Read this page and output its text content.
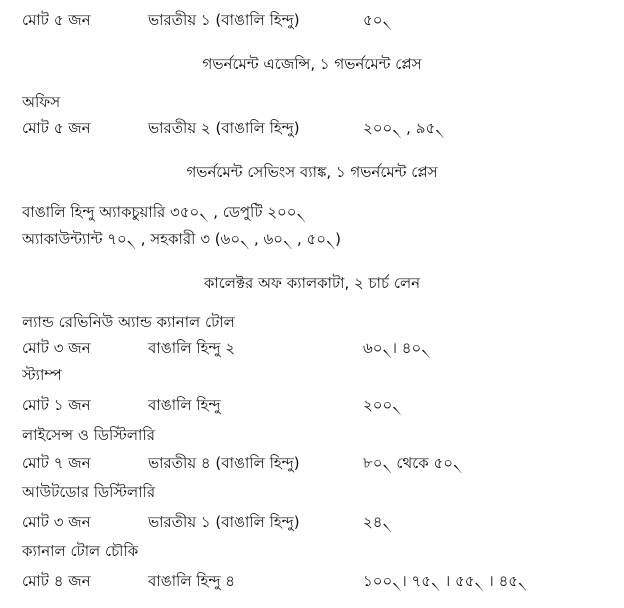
মোট ৫ জন	ভারতীয় ১ (বাঙালি হিন্দু)	৫০৲
গভর্নমেন্ট এজেন্সি, ১ গভর্নমেন্ট প্লেস
অফিস
মোট ৫ জন	ভারতীয় ২ (বাঙালি হিন্দু)	২০০৲ , ৯৫৲
গভর্নমেন্ট সেভিংস ব্যাঙ্ক, ১ গভর্নমেন্ট প্লেস
বাঙালি হিন্দু অ্যাকচুয়ারি ৩৫০৲ , ডেপুটি ২০০৲
অ্যাকাউন্ট্যান্ট ৭০৲ , সহকারী ৩ (৬০৲ , ৬০৲ , ৫০৲)
কালেক্টর অফ ক্যালকাটা, ২ চার্চ লেন
ল্যান্ড রেভিনিউ অ্যান্ড ক্যানাল টোল
মোট ৩ জন	বাঙালি হিন্দু ২	৬০৲। ৪০৲
স্ট্যাম্প
মোট ১ জন	বাঙালি হিন্দু	২০০৲
লাইসেন্স ও ডিস্টিলারি
মোট ৭ জন	ভারতীয় ৪ (বাঙালি হিন্দু)	৮০৲ থেকে ৫০৲
আউটডোর ডিস্টিলারি
মোট ৩ জন	ভারতীয় ১ (বাঙালি হিন্দু)	২৪৲
ক্যানাল টোল চৌকি
মোট ৪ জন	বাঙালি হিন্দু ৪	১০০৲। ৭৫৲ । ৫৫৲ । ৪৫৲
